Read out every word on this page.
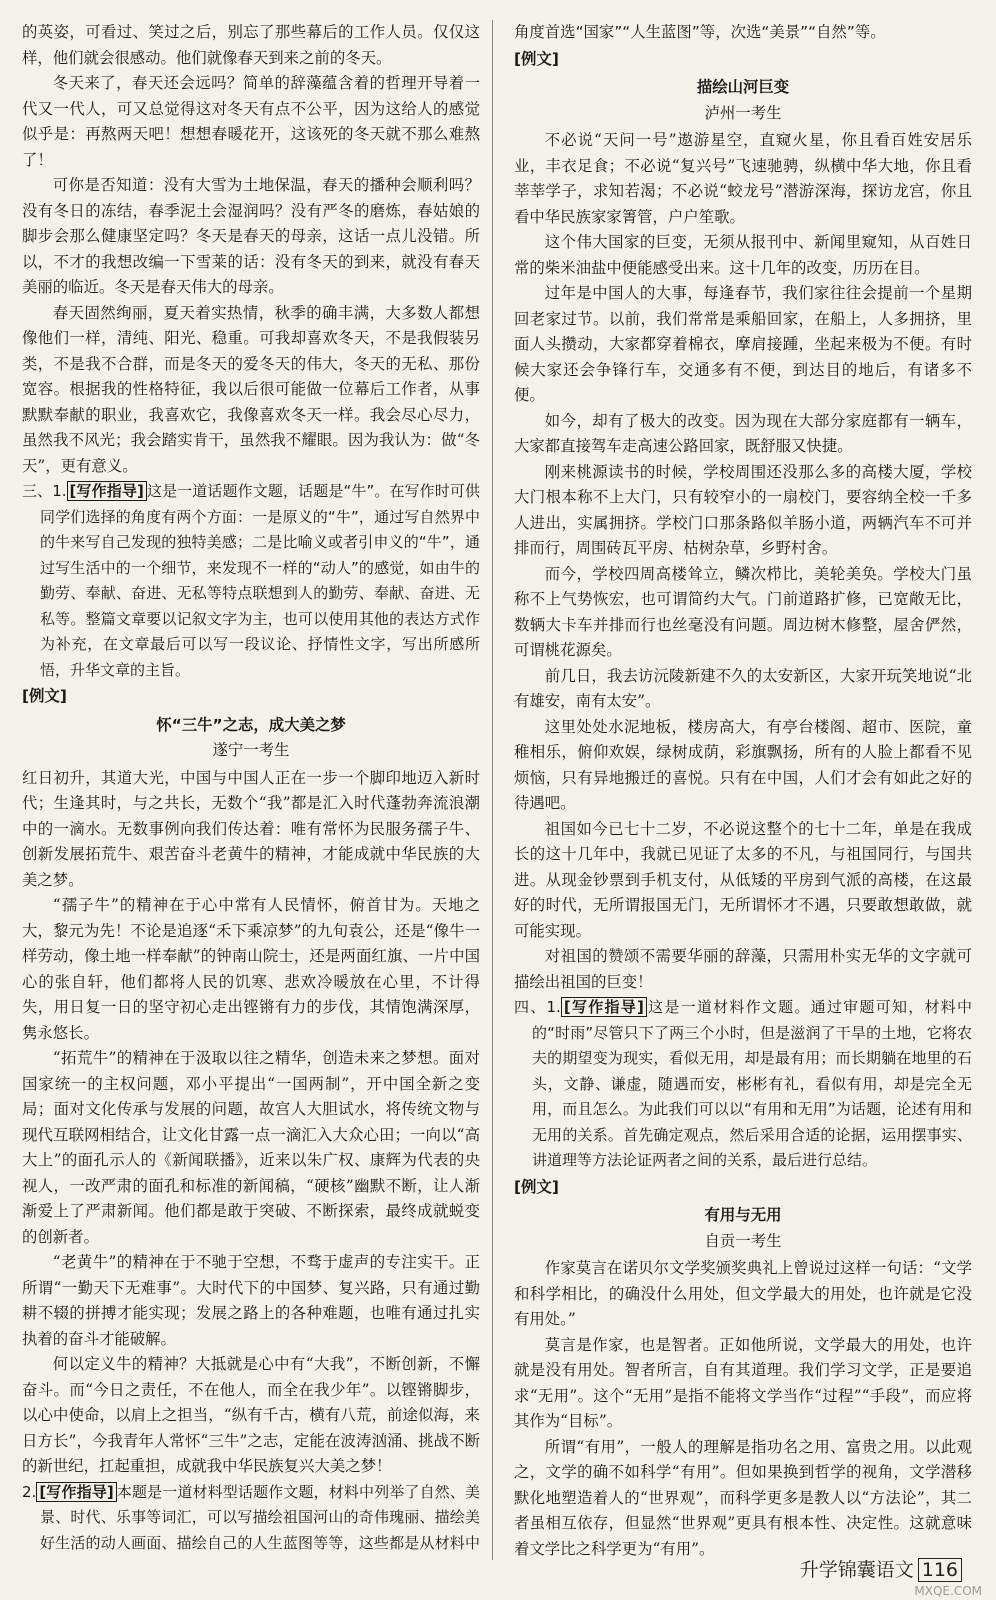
的英姿，可看过、笑过之后，别忘了那些幕后的工作人员。仅仅这样，他们就会很感动。他们就像春天到来之前的冬天。

冬天来了，春天还会远吗？简单的辞藻蕴含着的哲理开导着一代又一代人，可又总觉得这对冬天有点不公平，因为这给人的感觉似乎是：再熬两天吧！想想春暖花开，这该死的冬天就不那么难熬了！

可你是否知道：没有大雪为土地保温，春天的播种会顺利吗？没有冬日的冻结，春季泥土会湿润吗？没有严冬的磨炼，春姑娘的脚步会那么健康坚定吗？冬天是春天的母亲，这话一点儿没错。所以，不才的我想改编一下雪莱的话：没有冬天的到来，就没有春天美丽的临近。冬天是春天伟大的母亲。

春天固然绚丽，夏天着实热情，秋季的确丰满，大多数人都想像他们一样，清纯、阳光、稳重。可我却喜欢冬天，不是我假装另类，不是我不合群，而是冬天的爱冬天的伟大，冬天的无私、那份宽容。根据我的性格特征，我以后很可能做一位幕后工作者，从事默默奉献的职业，我喜欢它，我像喜欢冬天一样。我会尽心尽力，虽然我不风光；我会踏实肯干，虽然我不耀眼。因为我认为：做“冬天”，更有意义。

三、1. [写作指导] 这是一道话题作文题，话题是“牛”。在写作时可供同学们选择的角度有两个方面：一是原义的“牛”，通过写自然界中的牛来写自己发现的独特美感；二是比喻义或者引申义的“牛”，通过写生活中的一个细节，来发现不一样的“动人”的感觉，如由牛的勤劳、奉献、奋进、无私等特点联想到人的勤劳、奉献、奋进、无私等。整篇文章要以记叙文字为主，也可以使用其他的表达方式作为补充，在文章最后可以写一段议论、抒情性文字，写出所感所悟，升华文章的主旨。

[例文]

怀“三牛”之志，成大美之梦

遂宁一考生

红日初升，其道大光，中国与中国人正在一步一个脚印地迈入新时代；生逢其时，与之共长，无数个“我”都是汇入时代蓬勃奔流浪潮中的一滴水。无数事例向我们传达着：唯有常怀为民服务孺子牛、创新发展拓荒牛、艰苦奋斗老黄牛的精神，才能成就中华民族的大美之梦。

“孺子牛”的精神在于心中常有人民情怀，俯首甘为。天地之大，黎元为先！不论是追逐“禾下乘凉梦”的九旬袁公，还是“像牛一样劳动，像土地一样奉献”的钟南山院士，还是两面红旗、一片中国心的张自轩，他们都将人民的饥寒、悲欢冷暖放在心里，不计得失，用日复一日的坚守初心走出铿锵有力的步伐，其情饱满深厚，隽永悠长。

“拓荒牛”的精神在于汲取以往之精华，创造未来之梦想。面对国家统一的主权问题，邓小平提出“一国两制”，开中国全新之变局；面对文化传承与发展的问题，故宫人大胆试水，将传统文物与现代互联网相结合，让文化甘露一点一滴汇入大众心田；一向以“高大上”的面孔示人的《新闻联播》，近来以朱广权、康辉为代表的央视人，一改严肃的面孔和标准的新闻稿，“硬核”幽默不断，让人渐渐爱上了严肃新闻。他们都是敢于突破、不断探索，最终成就蜕变的创新者。

“老黄牛”的精神在于不驰于空想，不骛于虚声的专注实干。正所谓“一勤天下无难事”。大时代下的中国梦、复兴路，只有通过勤耕不辍的拼搏才能实现；发展之路上的各种难题，也唯有通过扎实执着的奋斗才能破解。

何以定义牛的精神？大抵就是心中有“大我”，不断创新，不懈奋斗。而“今日之责任，不在他人，而全在我少年”。以铿锵脚步，以心中使命，以肩上之担当，“纵有千古，横有八荒，前途似海，来日方长”，今我青年人常怀“三牛”之志，定能在波涛汹涌、挑战不断的新世纪，扛起重担，成就我中华民族复兴大美之梦！

2. [写作指导] 本题是一道材料型话题作文题，材料中列举了自然、美景、时代、乐事等词汇，可以写描绘祖国河山的奇伟瑰丽、描绘美好生活的动人画面、描绘自己的人生蓝图等等，这些都是从材料中

角度首选“国家”“人生蓝图”等，次选“美景”“自然”等。

[例文]

描绘山河巨变

泸州一考生

不必说“天问一号”遨游星空，直窥火星，你且看百姓安居乐业，丰衣足食；不必说“复兴号”飞速驰骋，纵横中华大地，你且看莘莘学子，求知若渴；不必说“蛟龙号”潜游深海，探访龙宫，你且看中华民族家家箐管，户户笙歌。

这个伟大国家的巨变，无须从报刊中、新闻里窥知，从百姓日常的柴米油盐中便能感受出来。这十几年的改变，历历在目。

过年是中国人的大事，每逢春节，我们家往往会提前一个星期回老家过节。以前，我们常常是乘船回家，在船上，人多拥挤，里面人头攒动，大家都穿着棉衣，摩肩接踵，坐起来极为不便。有时候大家还会争锋行车，交通多有不便，到达目的地后，有诸多不便。

如今，却有了极大的改变。因为现在大部分家庭都有一辆车，大家都直接驾车走高速公路回家，既舒服又快捷。

刚来桃源读书的时候，学校周围还没那么多的高楼大厦，学校大门根本称不上大门，只有较窄小的一扇校门，要容纳全校一千多人进出，实属拥挤。学校门口那条路似羊肠小道，两辆汽车不可并排而行，周围砖瓦平房、枯树杂草，乡野村舍。

而今，学校四周高楼耸立，鳞次栉比，美轮美奂。学校大门虽称不上气势恢宏，也可谓简约大气。门前道路扩修，已宽敞无比，数辆大卡车并排而行也丝毫没有问题。周边树木修整，屋舍俨然，可谓桃花源矣。

前几日，我去访沅陵新建不久的太安新区，大家开玩笑地说“北有雄安，南有太安”。

这里处处水泥地板，楼房高大，有亭台楼阁、超市、医院，童稚相乐，俯仰欢娱，绿树成荫，彩旗飘扬，所有的人脸上都看不见烦恼，只有异地搬迁的喜悦。只有在中国，人们才会有如此之好的待遇吧。

祖国如今已七十二岁，不必说这整个的七十二年，单是在我成长的这十几年中，我就已见证了太多的不凡，与祖国同行，与国共进。从现金钞票到手机支付，从低矮的平房到气派的高楼，在这最好的时代，无所谓报国无门，无所谓怀才不遇，只要敢想敢做，就可能实现。

对祖国的赞颂不需要华丽的辞藻，只需用朴实无华的文字就可描绘出祖国的巨变！

四、1. [写作指导] 这是一道材料作文题。通过审题可知，材料中的“时雨”尽管只下了两三个小时，但是滋润了干旱的土地，它将农夫的期望变为现实，看似无用，却是最有用；而长期躺在地里的石头，文静、谦虚，随遇而安，彬彬有礼，看似有用，却是完全无用，而且怎么。为此我们可以以“有用和无用”为话题，论述有用和无用的关系。首先确定观点，然后采用合适的论据，运用摆事实、讲道理等方法论证两者之间的关系，最后进行总结。

[例文]

有用与无用

自贡一考生

作家莫言在诺贝尔文学奖颁奖典礼上曾说过这样一句话：“文学和科学相比，的确没什么用处，但文学最大的用处，也许就是它没有用处。”

莫言是作家，也是智者。正如他所说，文学最大的用处，也许就是没有用处。智者所言，自有其道理。我们学习文学，正是要追求“无用”。这个“无用”是指不能将文学当作“过程”“手段”，而应将其作为“目标”。

所谓“有用”，一般人的理解是指功名之用、富贵之用。以此观之，文学的确不如科学“有用”。但如果换到哲学的视角，文学潜移默化地塑造着人的“世界观”，而科学更多是教人以“方法论”，其二者虽相互依存，但显然“世界观”更具有根本性、决定性。这就意味着文学比之科学更为“有用”。

升学锦囊语文 116
MXQE.COM
